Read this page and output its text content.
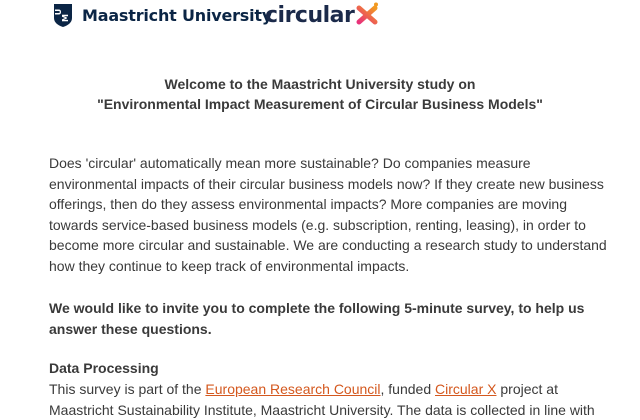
U
M Maastricht University
circular

Welcome to the Maastricht University study on

"Environmental Impact Measurement of Circular Business Models"

Does 'circular' automatically mean more sustainable? Do companies measure environmental impacts of their circular business models now? If they create new business offerings, then do they assess environmental impacts? More companies are moving towards service-based business models (e.g. subscription, renting, leasing), in order to become more circular and sustainable. We are conducting a research study to understand how they continue to keep track of environmental impacts.

We would like to invite you to complete the following 5-minute survey, to help us answer these questions.

Data Processing

This survey is part of the European Research Council, funded Circular X project at Maastricht Sustainability Institute, Maastricht University. The data is collected in line with
